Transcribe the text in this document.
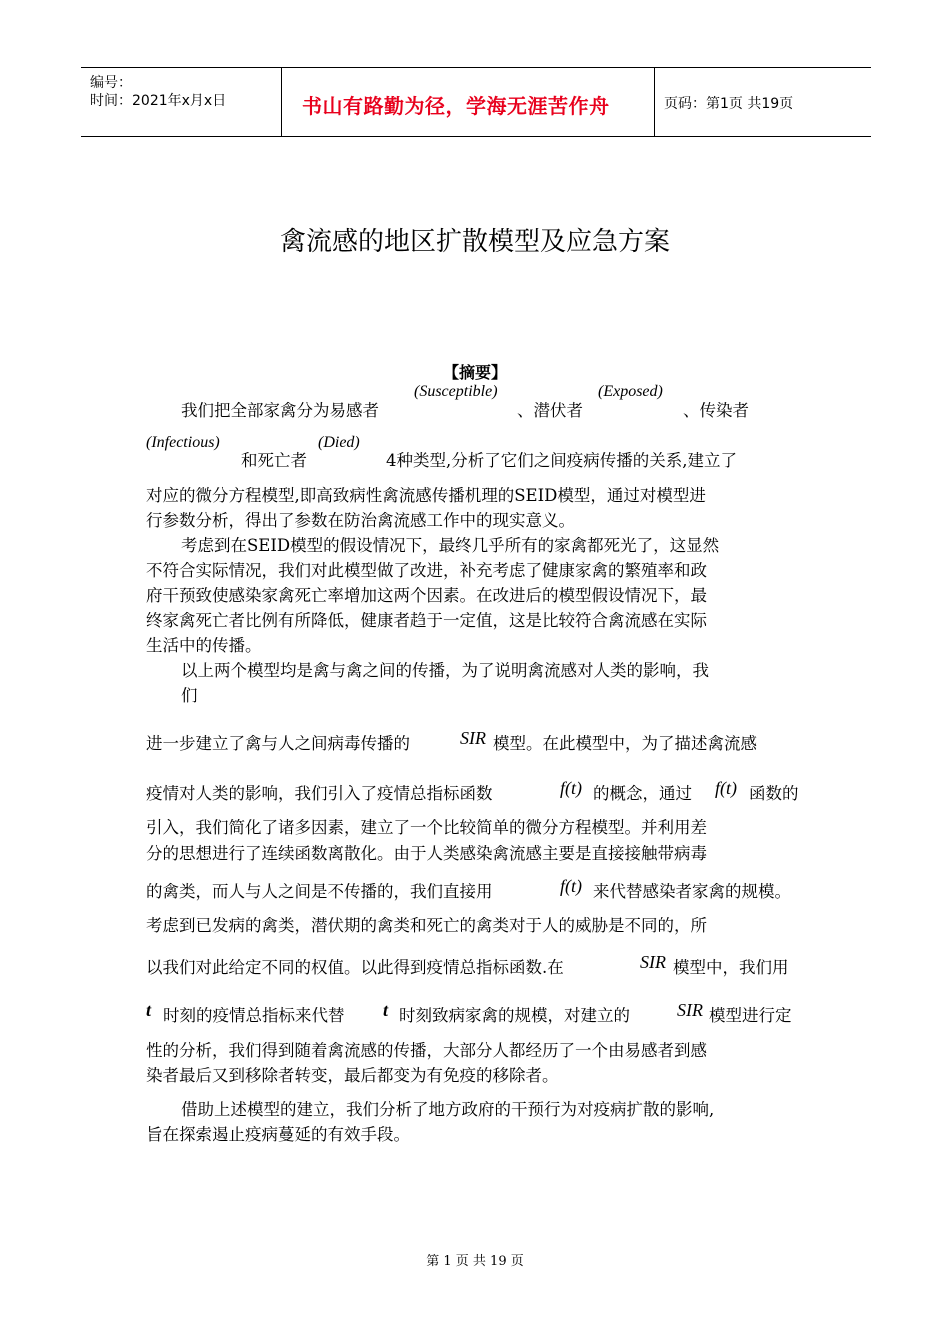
编号：
时间：2021年x月x日	书山有路勤为径，学海无涯苦作舟	页码：第1页 共19页
禽流感的地区扩散模型及应急方案
【摘要】
(Susceptible)	(Exposed)
我们把全部家禽分为易感者	、潜伏者	、传染者
(Infectious)	(Died)
和死亡者	4种类型,分析了它们之间疫病传播的关系,建立了
对应的微分方程模型,即高致病性禽流感传播机理的SEID模型，通过对模型进
行参数分析，得出了参数在防治禽流感工作中的现实意义。
考虑到在SEID模型的假设情况下，最终几乎所有的家禽都死光了，这显然
不符合实际情况，我们对此模型做了改进，补充考虑了健康家禽的繁殖率和政
府干预致使感染家禽死亡率增加这两个因素。在改进后的模型假设情况下，最
终家禽死亡者比例有所降低，健康者趋于一定值，这是比较符合禽流感在实际
生活中的传播。
以上两个模型均是禽与禽之间的传播，为了说明禽流感对人类的影响，我
们
进一步建立了禽与人之间病毒传播的	SIR 模型。在此模型中，为了描述禽流感
疫情对人类的影响，我们引入了疫情总指标函数	f(t) 的概念，通过 f(t) 函数的
引入，我们简化了诸多因素，建立了一个比较简单的微分方程模型。并利用差
分的思想进行了连续函数离散化。由于人类感染禽流感主要是直接接触带病毒
的禽类，而人与人之间是不传播的，我们直接用	f(t) 来代替感染者家禽的规模。
考虑到已发病的禽类，潜伏期的禽类和死亡的禽类对于人的威胁是不同的，所
以我们对此给定不同的权值。以此得到疫情总指标函数.在	SIR 模型中，我们用
t 时刻的疫情总指标来代替 t 时刻致病家禽的规模，对建立的	SIR 模型进行定
性的分析，我们得到随着禽流感的传播，大部分人都经历了一个由易感者到感
染者最后又到移除者转变，最后都变为有免疫的移除者。
借助上述模型的建立，我们分析了地方政府的干预行为对疫病扩散的影响,
旨在探索遏止疫病蔓延的有效手段。
第 1 页 共 19 页
